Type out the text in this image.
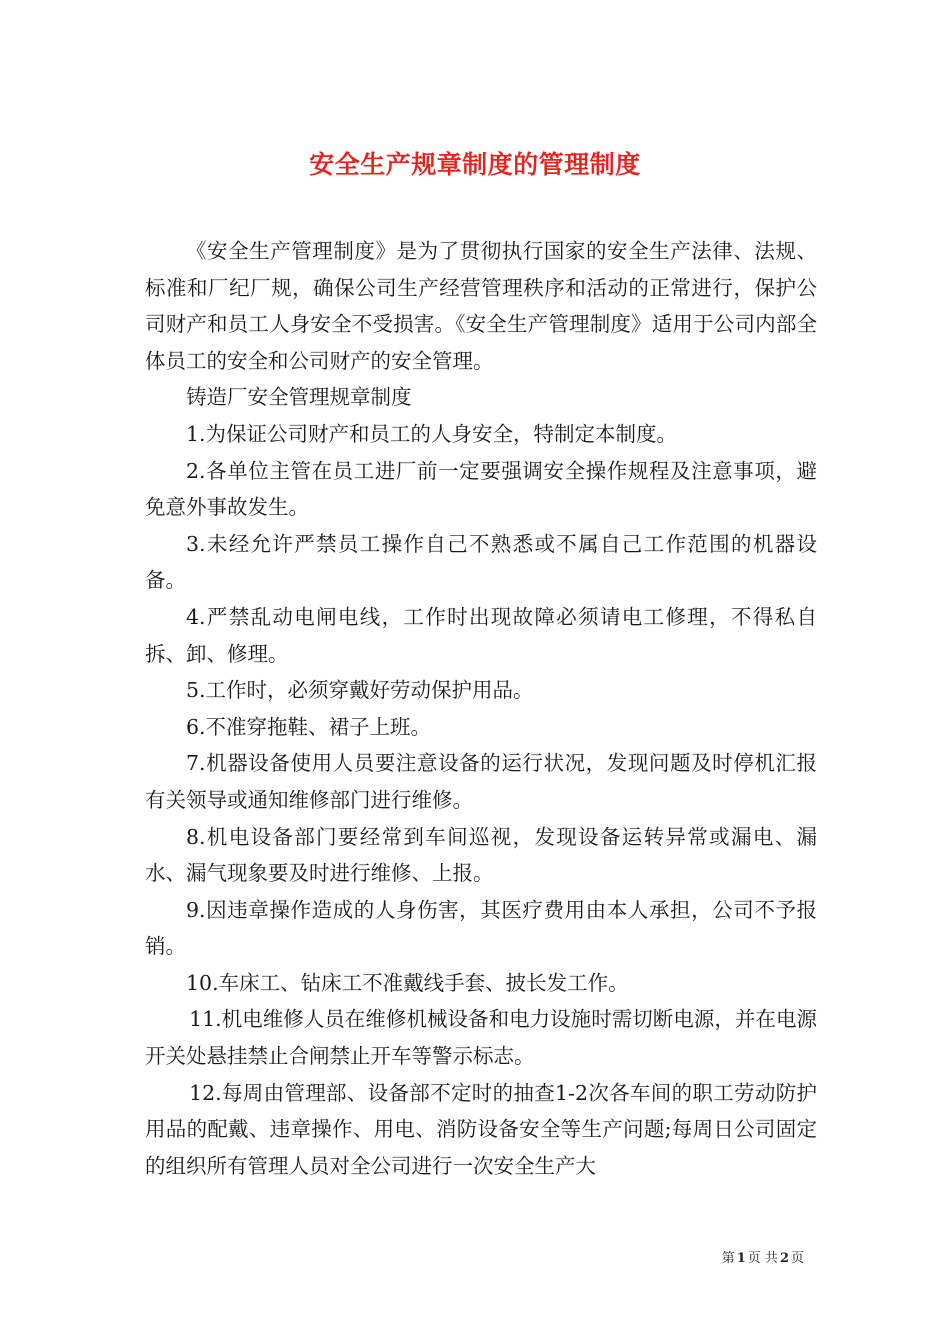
安全生产规章制度的管理制度

《安全生产管理制度》是为了贯彻执行国家的安全生产法律、法规、标准和厂纪厂规，确保公司生产经营管理秩序和活动的正常进行，保护公司财产和员工人身安全不受损害。《安全生产管理制度》适用于公司内部全体员工的安全和公司财产的安全管理。

铸造厂安全管理规章制度

1.为保证公司财产和员工的人身安全，特制定本制度。

2.各单位主管在员工进厂前一定要强调安全操作规程及注意事项，避免意外事故发生。

3.未经允许严禁员工操作自己不熟悉或不属自己工作范围的机器设备。

4.严禁乱动电闸电线，工作时出现故障必须请电工修理，不得私自拆、卸、修理。

5.工作时，必须穿戴好劳动保护用品。

6.不准穿拖鞋、裙子上班。

7.机器设备使用人员要注意设备的运行状况，发现问题及时停机汇报有关领导或通知维修部门进行维修。

8.机电设备部门要经常到车间巡视，发现设备运转异常或漏电、漏水、漏气现象要及时进行维修、上报。

9.因违章操作造成的人身伤害，其医疗费用由本人承担，公司不予报销。

10.车床工、钻床工不准戴线手套、披长发工作。

11.机电维修人员在维修机械设备和电力设施时需切断电源，并在电源开关处悬挂禁止合闸禁止开车等警示标志。

12.每周由管理部、设备部不定时的抽查1-2次各车间的职工劳动防护用品的配戴、违章操作、用电、消防设备安全等生产问题;每周日公司固定的组织所有管理人员对全公司进行一次安全生产大

第 1 页 共 2 页
